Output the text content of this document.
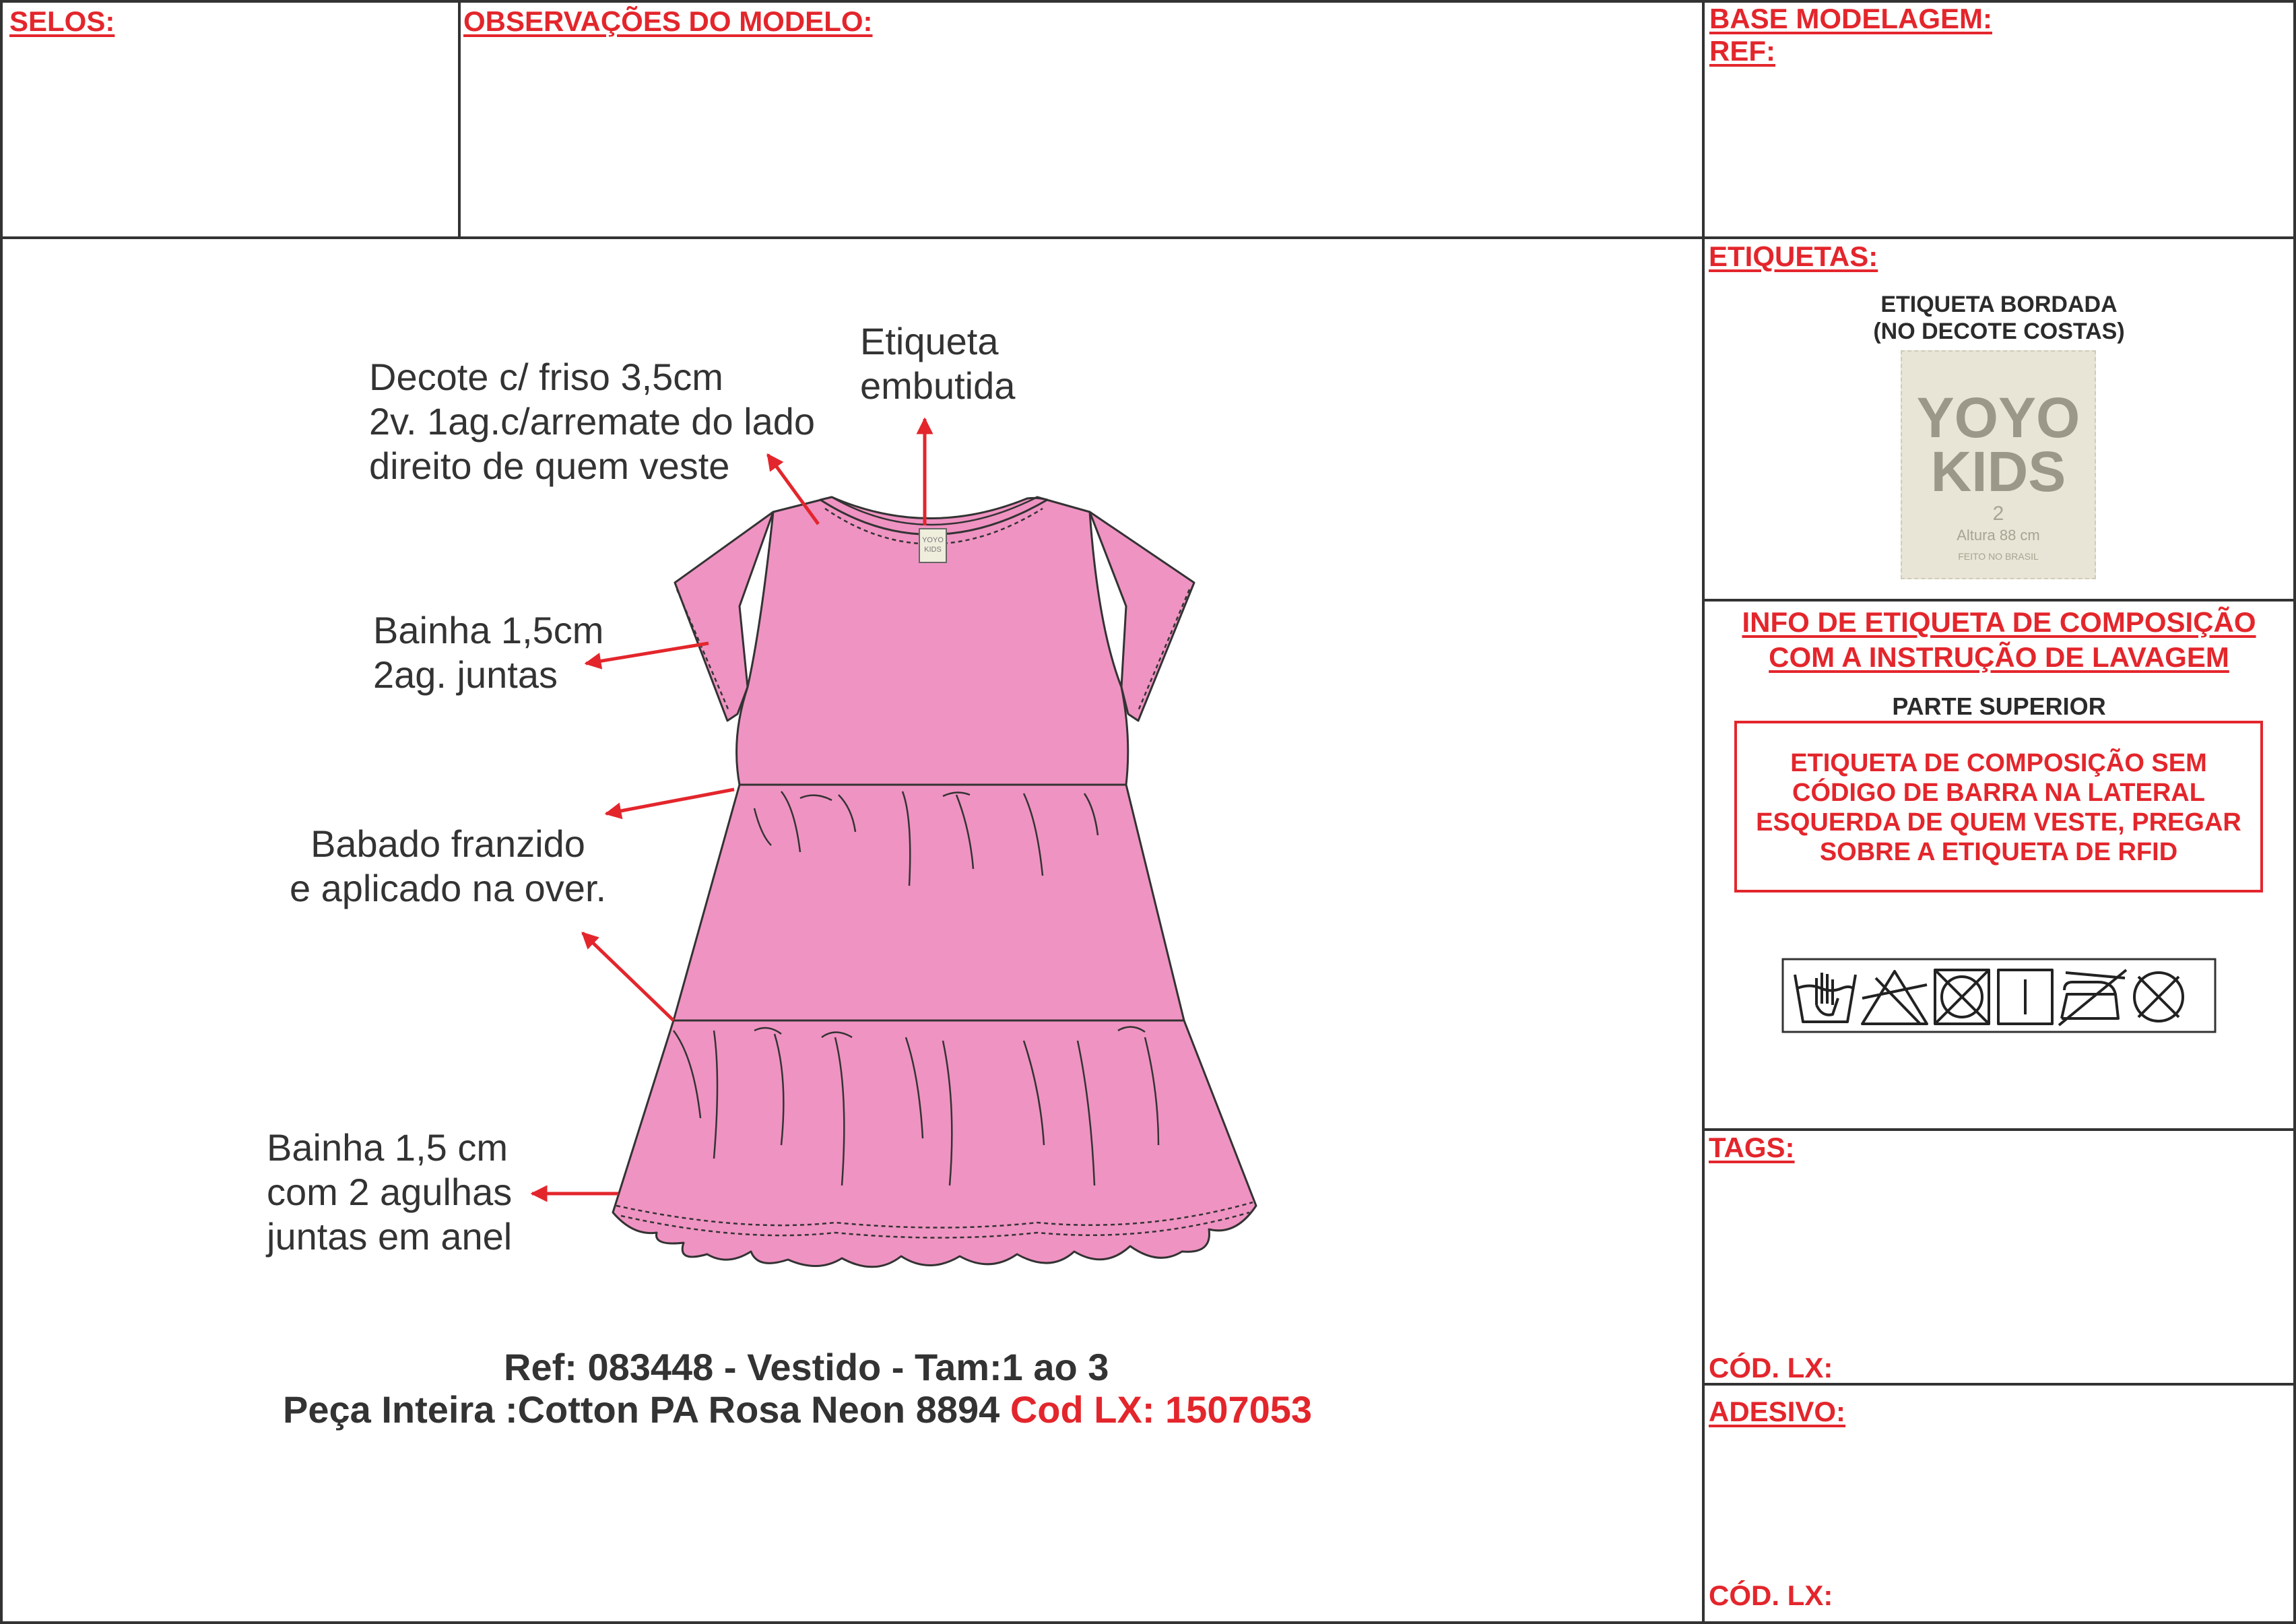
SELOS:	OBSERVAÇÕES DO MODELO:	BASE MODELAGEM:
REF:
YOYO
KIDS
Decote c/ friso 3,5cm
2v. 1ag.c/arremate do lado
direito de quem veste
Etiqueta
embutida
Bainha 1,5cm
2ag. juntas
Babado franzido
e aplicado na over.
Bainha 1,5 cm
com 2 agulhas
juntas em anel
Ref: 083448 - Vestido - Tam:1 ao 3
Peça Inteira :Cotton PA Rosa Neon 8894 Cod LX: 1507053
ETIQUETAS:
ETIQUETA BORDADA
(NO DECOTE COSTAS)
YOYO
KIDS
2
Altura 88 cm
FEITO NO BRASIL
INFO DE ETIQUETA DE COMPOSIÇÃO
COM A INSTRUÇÃO DE LAVAGEM
PARTE SUPERIOR
ETIQUETA DE COMPOSIÇÃO SEM
CÓDIGO DE BARRA NA LATERAL
ESQUERDA DE QUEM VESTE, PREGAR
SOBRE A ETIQUETA DE RFID
TAGS:
CÓD. LX:
ADESIVO:
CÓD. LX:
